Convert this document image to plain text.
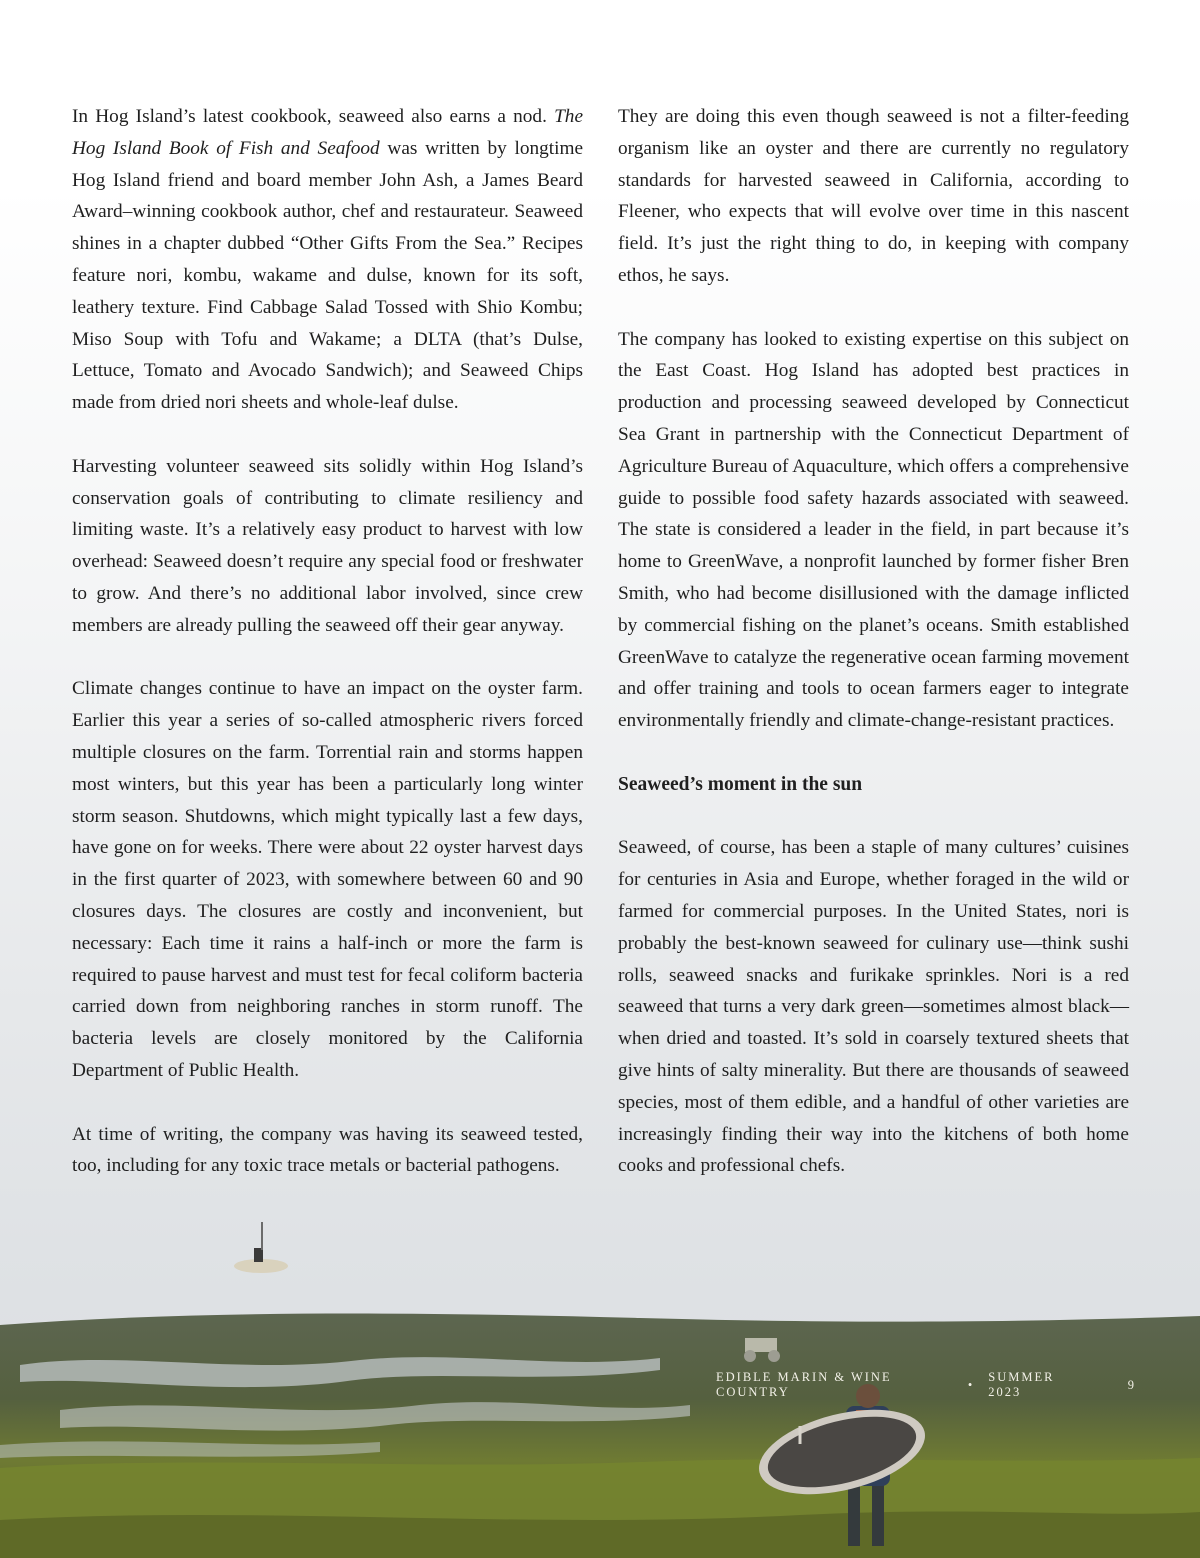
In Hog Island’s latest cookbook, seaweed also earns a nod. The Hog Island Book of Fish and Seafood was written by longtime Hog Island friend and board member John Ash, a James Beard Award–winning cookbook author, chef and restaurateur. Seaweed shines in a chapter dubbed “Other Gifts From the Sea.” Recipes feature nori, kombu, wakame and dulse, known for its soft, leathery texture. Find Cabbage Salad Tossed with Shio Kombu; Miso Soup with Tofu and Wakame; a DLTA (that’s Dulse, Lettuce, Tomato and Avocado Sandwich); and Seaweed Chips made from dried nori sheets and whole-leaf dulse.

Harvesting volunteer seaweed sits solidly within Hog Island’s conservation goals of contributing to climate resiliency and limiting waste. It’s a relatively easy product to harvest with low overhead: Seaweed doesn’t require any special food or freshwater to grow. And there’s no additional labor involved, since crew members are already pulling the seaweed off their gear anyway.

Climate changes continue to have an impact on the oyster farm. Earlier this year a series of so-called atmospheric rivers forced multiple closures on the farm. Torrential rain and storms happen most winters, but this year has been a particularly long winter storm season. Shutdowns, which might typically last a few days, have gone on for weeks. There were about 22 oyster harvest days in the first quarter of 2023, with somewhere between 60 and 90 closures days. The closures are costly and inconvenient, but necessary: Each time it rains a half-inch or more the farm is required to pause harvest and must test for fecal coliform bacteria carried down from neighboring ranches in storm runoff. The bacteria levels are closely monitored by the California Department of Public Health.

At time of writing, the company was having its seaweed tested, too, including for any toxic trace metals or bacterial pathogens.

They are doing this even though seaweed is not a filter-feeding organism like an oyster and there are currently no regulatory standards for harvested seaweed in California, according to Fleener, who expects that will evolve over time in this nascent field. It’s just the right thing to do, in keeping with company ethos, he says.

The company has looked to existing expertise on this subject on the East Coast. Hog Island has adopted best practices in production and processing seaweed developed by Connecticut Sea Grant in partnership with the Connecticut Department of Agriculture Bureau of Aquaculture, which offers a comprehensive guide to possible food safety hazards associated with seaweed. The state is considered a leader in the field, in part because it’s home to GreenWave, a nonprofit launched by former fisher Bren Smith, who had become disillusioned with the damage inflicted by commercial fishing on the planet’s oceans. Smith established GreenWave to catalyze the regenerative ocean farming movement and offer training and tools to ocean farmers eager to integrate environmentally friendly and climate-change-resistant practices.

Seaweed’s moment in the sun

Seaweed, of course, has been a staple of many cultures’ cuisines for centuries in Asia and Europe, whether foraged in the wild or farmed for commercial purposes. In the United States, nori is probably the best-known seaweed for culinary use—think sushi rolls, seaweed snacks and furikake sprinkles. Nori is a red seaweed that turns a very dark green—sometimes almost black—when dried and toasted. It’s sold in coarsely textured sheets that give hints of salty minerality. But there are thousands of seaweed species, most of them edible, and a handful of other varieties are increasingly finding their way into the kitchens of both home cooks and professional chefs.

EDIBLE MARIN & WINE COUNTRY
•
SUMMER 2023
9
